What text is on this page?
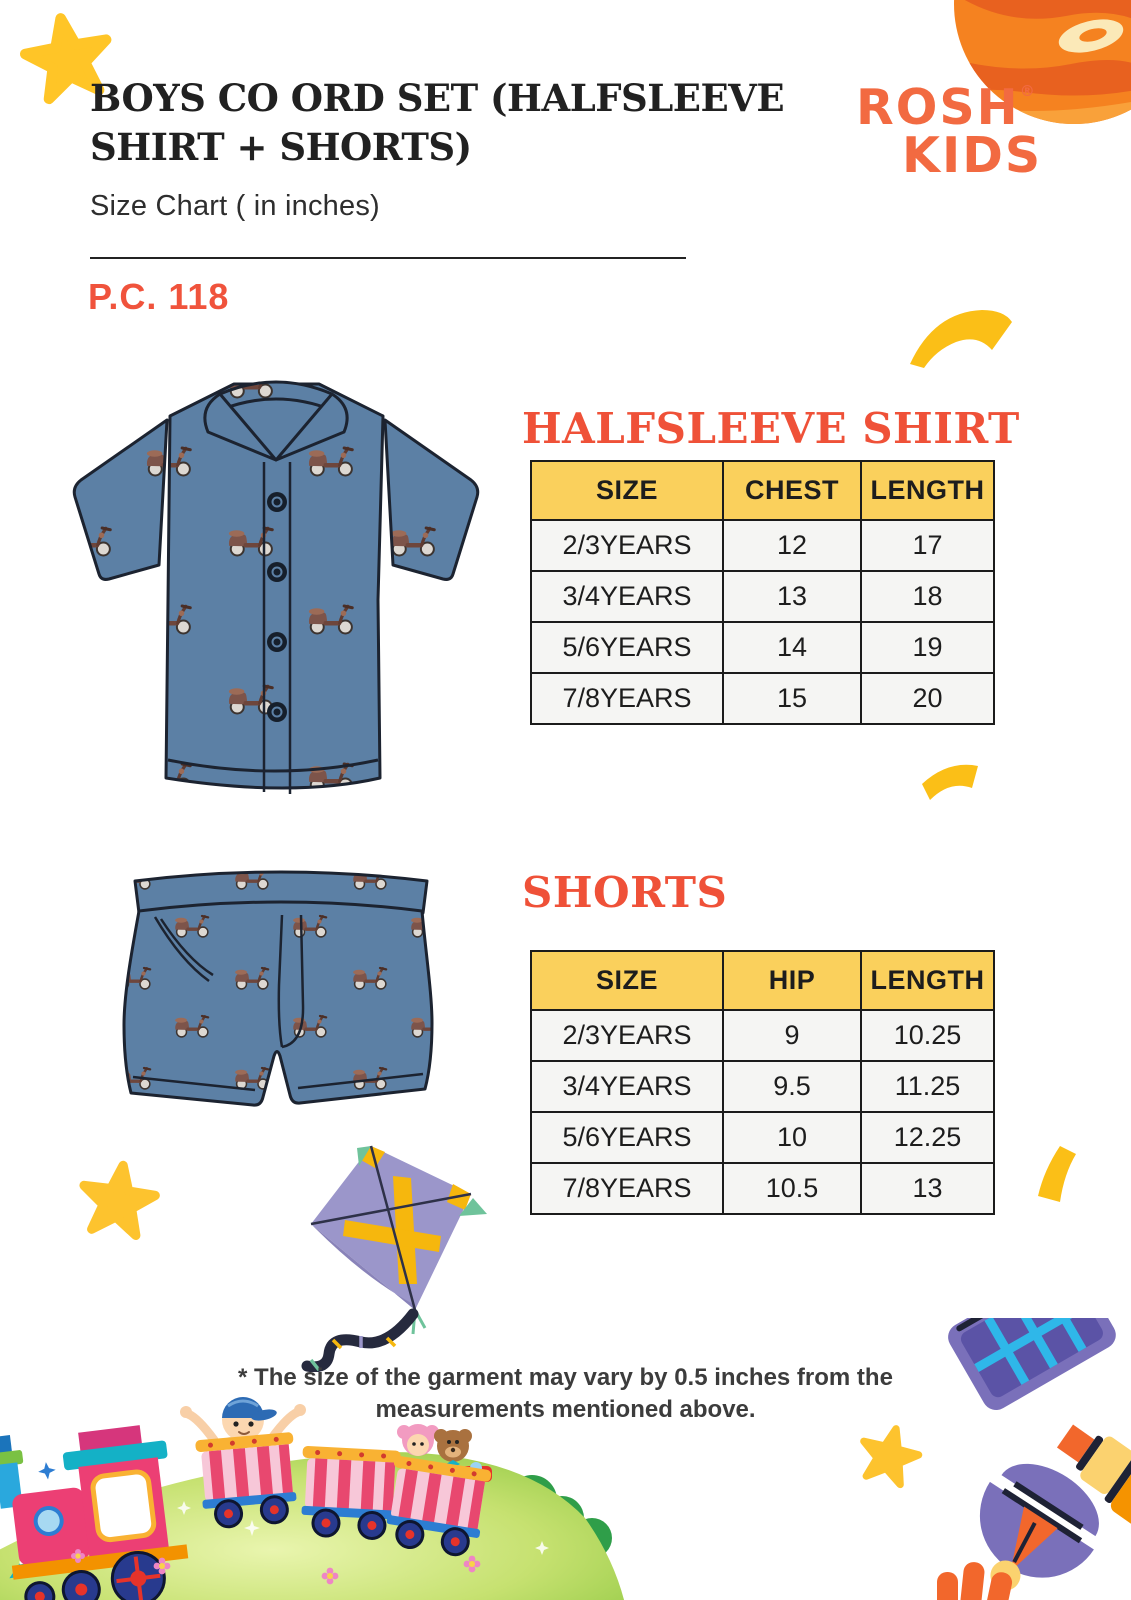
ROSH®
KIDS
BOYS CO ORD SET (HALFSLEEVE
SHIRT + SHORTS)
Size Chart ( in inches)
P.C. 118
HALFSLEEVE SHIRT
SIZE	CHEST	LENGTH
2/3YEARS	12	17
3/4YEARS	13	18
5/6YEARS	14	19
7/8YEARS	15	20
SHORTS
SIZE	HIP	LENGTH
2/3YEARS	9	10.25
3/4YEARS	9.5	11.25
5/6YEARS	10	12.25
7/8YEARS	10.5	13
* The size of the garment may vary by 0.5 inches from the
measurements mentioned above.
